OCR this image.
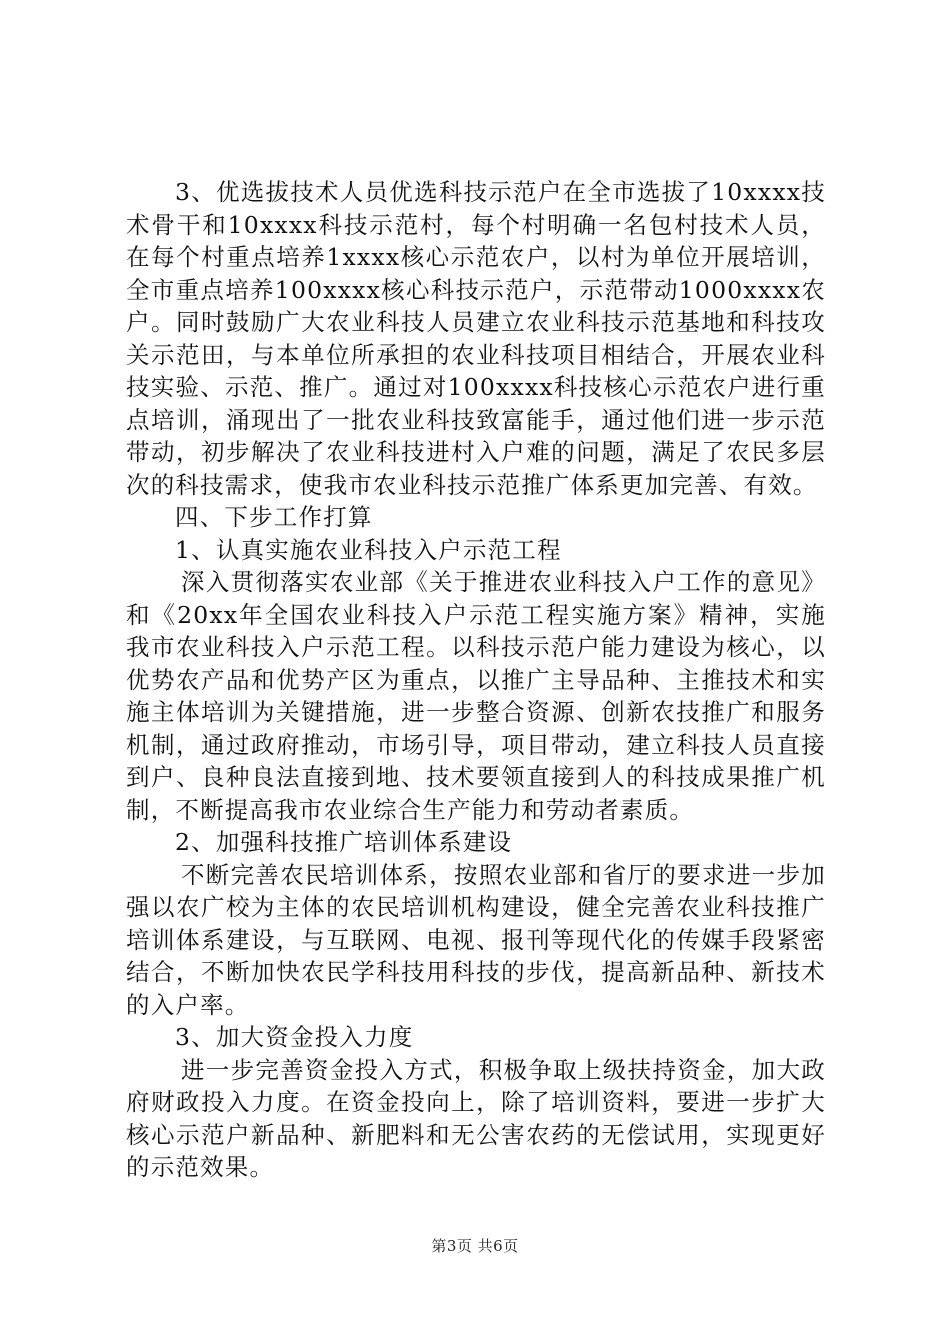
3、优选拔技术人员优选科技示范户在全市选拔了10xxxx技术骨干和10xxxx科技示范村，每个村明确一名包村技术人员，在每个村重点培养1xxxx核心示范农户，以村为单位开展培训，全市重点培养100xxxx核心科技示范户，示范带动1000xxxx农户。同时鼓励广大农业科技人员建立农业科技示范基地和科技攻关示范田，与本单位所承担的农业科技项目相结合，开展农业科技实验、示范、推广。通过对100xxxx科技核心示范农户进行重点培训，涌现出了一批农业科技致富能手，通过他们进一步示范带动，初步解决了农业科技进村入户难的问题，满足了农民多层次的科技需求，使我市农业科技示范推广体系更加完善、有效。

四、下步工作打算

1、认真实施农业科技入户示范工程

深入贯彻落实农业部《关于推进农业科技入户工作的意见》和《20xx年全国农业科技入户示范工程实施方案》精神，实施我市农业科技入户示范工程。以科技示范户能力建设为核心，以优势农产品和优势产区为重点，以推广主导品种、主推技术和实施主体培训为关键措施，进一步整合资源、创新农技推广和服务机制，通过政府推动，市场引导，项目带动，建立科技人员直接到户、良种良法直接到地、技术要领直接到人的科技成果推广机制，不断提高我市农业综合生产能力和劳动者素质。

2、加强科技推广培训体系建设

不断完善农民培训体系，按照农业部和省厅的要求进一步加强以农广校为主体的农民培训机构建设，健全完善农业科技推广培训体系建设，与互联网、电视、报刊等现代化的传媒手段紧密结合，不断加快农民学科技用科技的步伐，提高新品种、新技术的入户率。

3、加大资金投入力度

进一步完善资金投入方式，积极争取上级扶持资金，加大政府财政投入力度。在资金投向上，除了培训资料，要进一步扩大核心示范户新品种、新肥料和无公害农药的无偿试用，实现更好的示范效果。

第3页 共6页
